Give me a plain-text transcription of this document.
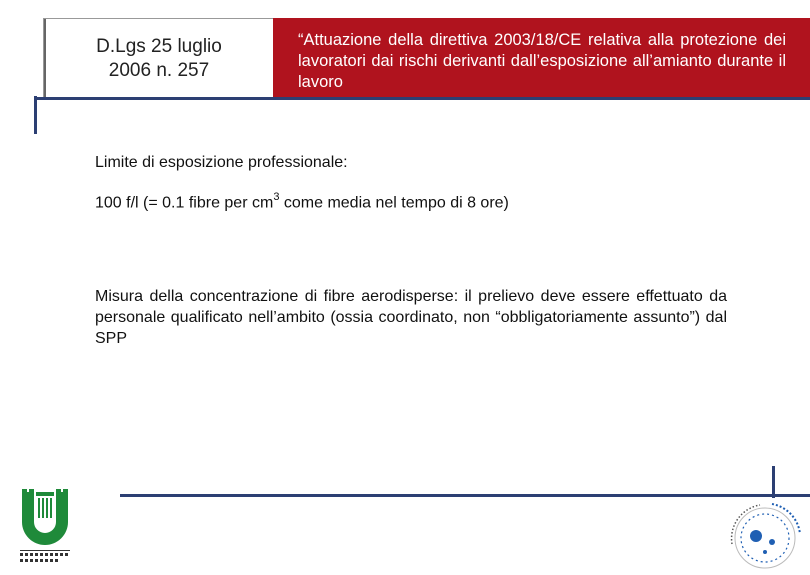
D.Lgs 25 luglio
2006 n. 257
“Attuazione della direttiva 2003/18/CE relativa alla protezione dei lavoratori dai rischi derivanti dall’esposizione all’amianto durante il lavoro
Limite di esposizione professionale:
100 f/l (= 0.1 fibre per $cm^3$ come media nel tempo di 8 ore)
Misura della concentrazione di fibre aerodisperse: il prelievo deve essere effettuato da personale qualificato nell’ambito (ossia coordinato, non “obbligatoriamente assunto”) dal SPP
